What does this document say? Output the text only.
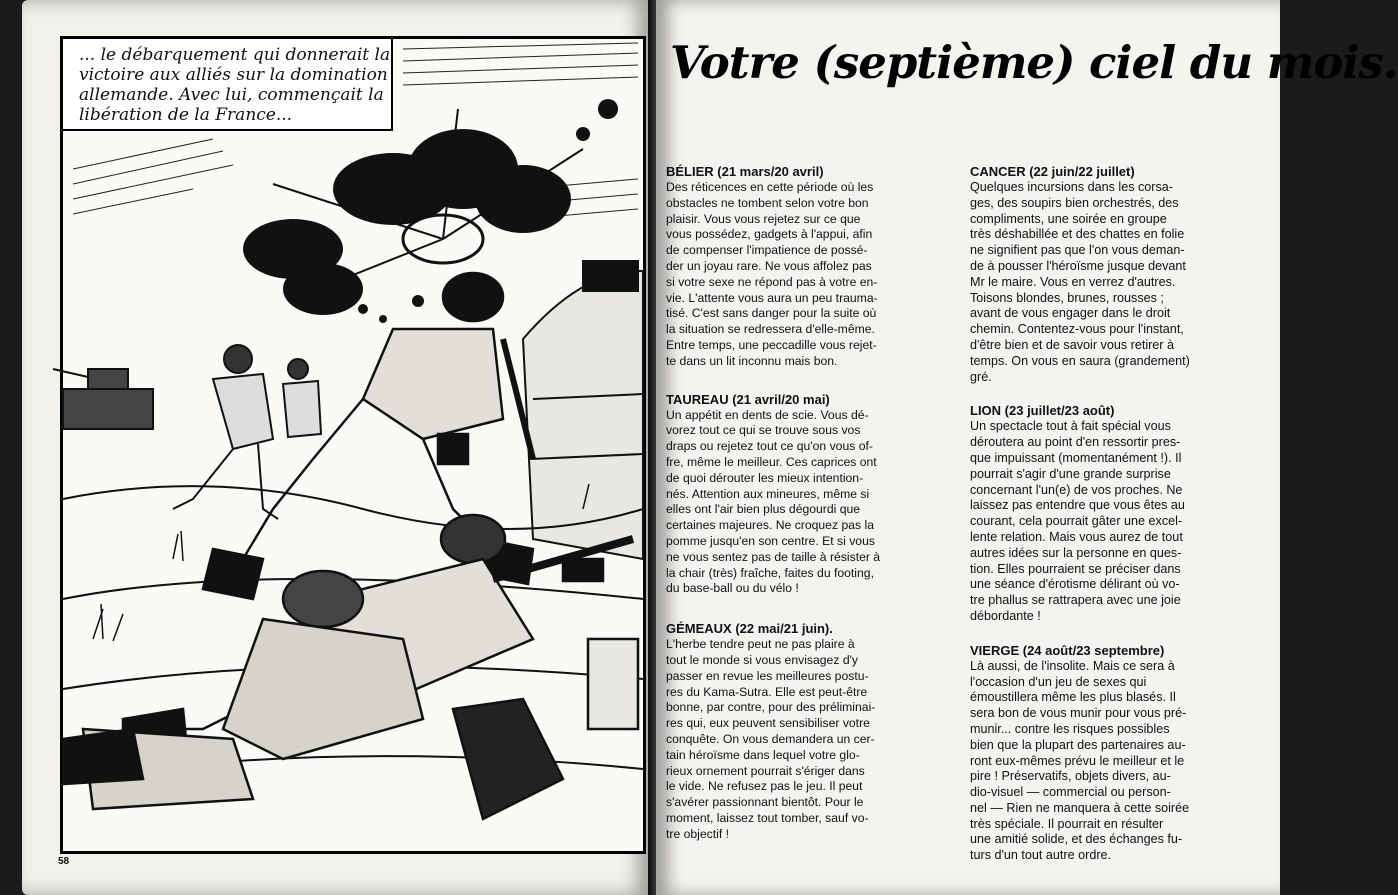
... le débarquement qui donnerait la
victoire aux alliés sur la domination
allemande. Avec lui, commençait la
libération de la France...
58
Votre (septième) ciel du mois.
BÉLIER (21 mars/20 avril)

Des réticences en cette période où les
obstacles ne tombent selon votre bon
plaisir. Vous vous rejetez sur ce que
vous possédez, gadgets à l'appui, afin
de compenser l'impatience de possé-
der un joyau rare. Ne vous affolez pas
si votre sexe ne répond pas à votre en-
vie. L'attente vous aura un peu trauma-
tisé. C'est sans danger pour la suite où
la situation se redressera d'elle-même.
Entre temps, une peccadille vous rejet-
te dans un lit inconnu mais bon.

TAUREAU (21 avril/20 mai)

Un appétit en dents de scie. Vous dé-
vorez tout ce qui se trouve sous vos
draps ou rejetez tout ce qu'on vous of-
fre, même le meilleur. Ces caprices ont
de quoi dérouter les mieux intention-
nés. Attention aux mineures, même si
elles ont l'air bien plus dégourdi que
certaines majeures. Ne croquez pas la
pomme jusqu'en son centre. Et si vous
ne vous sentez pas de taille à résister à
la chair (très) fraîche, faites du footing,
du base-ball ou du vélo !

GÉMEAUX (22 mai/21 juin).

L'herbe tendre peut ne pas plaire à
tout le monde si vous envisagez d'y
passer en revue les meilleures postu-
res du Kama-Sutra. Elle est peut-être
bonne, par contre, pour des préliminai-
res qui, eux peuvent sensibiliser votre
conquête. On vous demandera un cer-
tain héroïsme dans lequel votre glo-
rieux ornement pourrait s'ériger dans
le vide. Ne refusez pas le jeu. Il peut
s'avérer passionnant bientôt. Pour le
moment, laissez tout tomber, sauf vo-
tre objectif !

CANCER (22 juin/22 juillet)

Quelques incursions dans les corsa-
ges, des soupirs bien orchestrés, des
compliments, une soirée en groupe
très déshabillée et des chattes en folie
ne signifient pas que l'on vous deman-
de à pousser l'héroïsme jusque devant
Mr le maire. Vous en verrez d'autres.
Toisons blondes, brunes, rousses ;
avant de vous engager dans le droit
chemin. Contentez-vous pour l'instant,
d'être bien et de savoir vous retirer à
temps. On vous en saura (grandement)
gré.

LION (23 juillet/23 août)

Un spectacle tout à fait spécial vous
déroutera au point d'en ressortir pres-
que impuissant (momentanément !). Il
pourrait s'agir d'une grande surprise
concernant l'un(e) de vos proches. Ne
laissez pas entendre que vous êtes au
courant, cela pourrait gâter une excel-
lente relation. Mais vous aurez de tout
autres idées sur la personne en ques-
tion. Elles pourraient se préciser dans
une séance d'érotisme délirant où vo-
tre phallus se rattrapera avec une joie
débordante !

VIERGE (24 août/23 septembre)

Là aussi, de l'insolite. Mais ce sera à
l'occasion d'un jeu de sexes qui
émoustillera même les plus blasés. Il
sera bon de vous munir pour vous pré-
munir... contre les risques possibles
bien que la plupart des partenaires au-
ront eux-mêmes prévu le meilleur et le
pire ! Préservatifs, objets divers, au-
dio-visuel — commercial ou person-
nel — Rien ne manquera à cette soirée
très spéciale. Il pourrait en résulter
une amitié solide, et des échanges fu-
turs d'un tout autre ordre.
